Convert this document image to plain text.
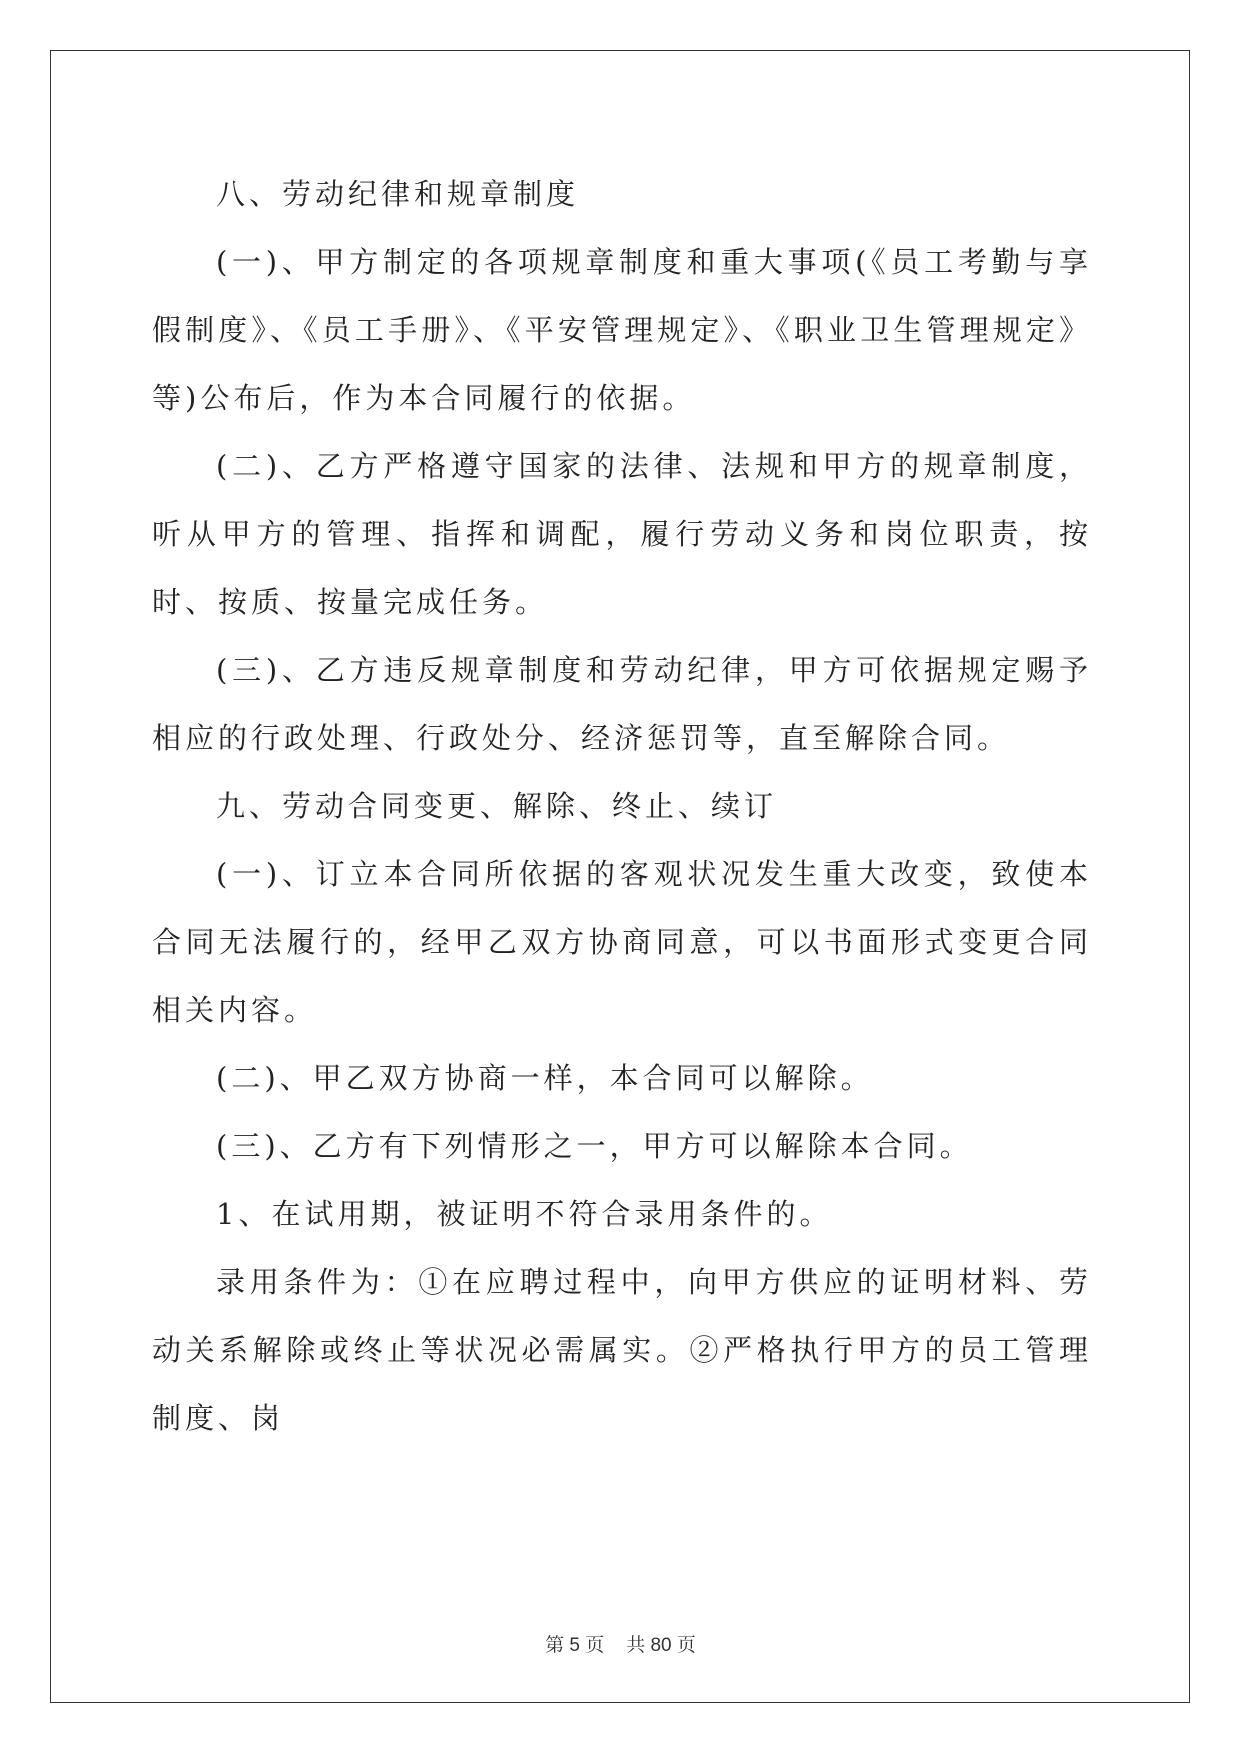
八、劳动纪律和规章制度

(一)、甲方制定的各项规章制度和重大事项(《员工考勤与享假制度》、《员工手册》、《平安管理规定》、《职业卫生管理规定》等)公布后，作为本合同履行的依据。

(二)、乙方严格遵守国家的法律、法规和甲方的规章制度，听从甲方的管理、指挥和调配，履行劳动义务和岗位职责，按时、按质、按量完成任务。

(三)、乙方违反规章制度和劳动纪律，甲方可依据规定赐予相应的行政处理、行政处分、经济惩罚等，直至解除合同。

九、劳动合同变更、解除、终止、续订

(一)、订立本合同所依据的客观状况发生重大改变，致使本合同无法履行的，经甲乙双方协商同意，可以书面形式变更合同相关内容。

(二)、甲乙双方协商一样，本合同可以解除。

(三)、乙方有下列情形之一，甲方可以解除本合同。

1、在试用期，被证明不符合录用条件的。

录用条件为：①在应聘过程中，向甲方供应的证明材料、劳动关系解除或终止等状况必需属实。②严格执行甲方的员工管理制度、岗

第 5 页 共 80 页
